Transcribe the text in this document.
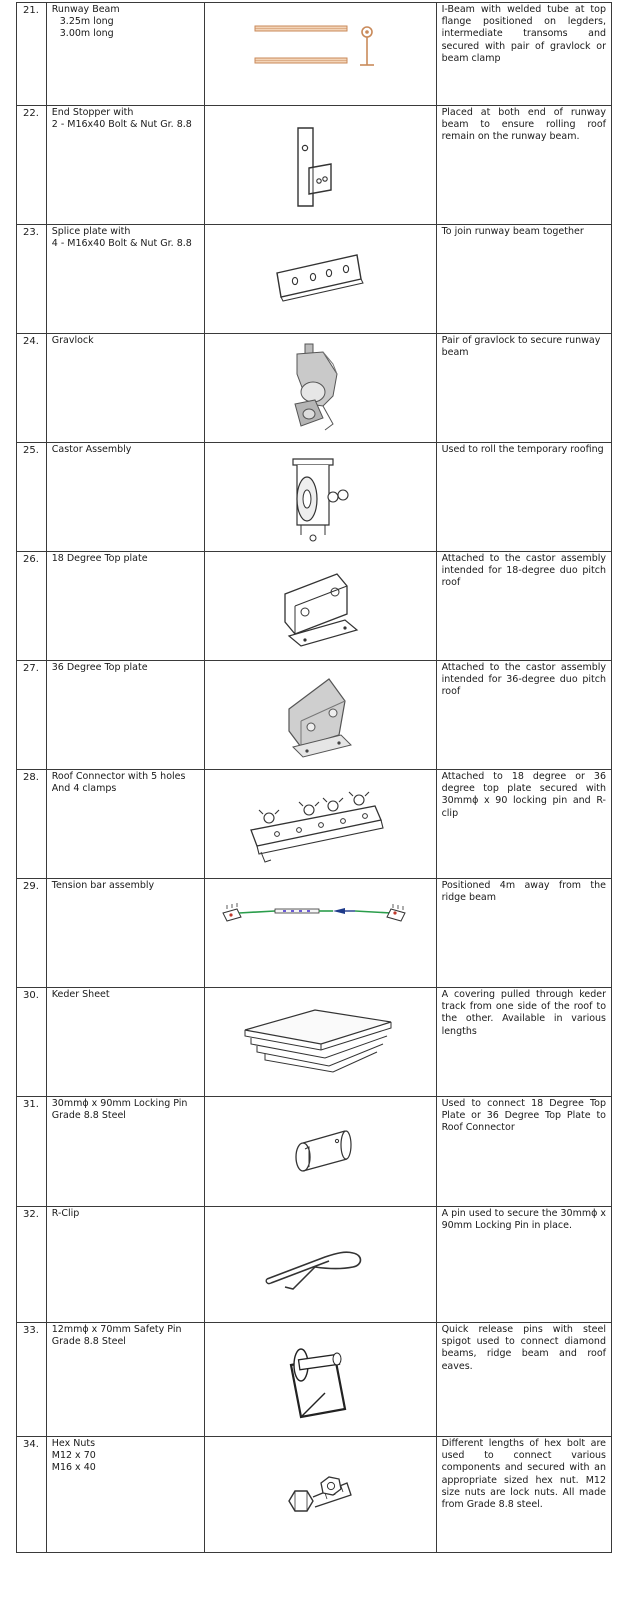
21.	Runway Beam
3.25m long
3.00m long		I-Beam with welded tube at top flange positioned on legders, intermediate transoms and secured with pair of gravlock or beam clamp

22.	End Stopper with
2 - M16x40 Bolt & Nut Gr. 8.8		Placed at both end of runway beam to ensure rolling roof remain on the runway beam.

23.	Splice plate with
4 - M16x40 Bolt & Nut Gr. 8.8		To join runway beam together

24.	Gravlock		Pair of gravlock to secure runway beam

25.	Castor Assembly		Used to roll the temporary roofing

26.	18 Degree Top plate		Attached to the castor assembly intended for 18-degree duo pitch roof

27.	36 Degree Top plate		Attached to the castor assembly intended for 36-degree duo pitch roof

28.	Roof Connector with 5 holes
And 4 clamps		Attached to 18 degree or 36 degree top plate secured with 30mmϕ x 90 locking pin and R-clip

29.	Tension bar assembly		Positioned 4m away from the ridge beam

30.	Keder Sheet		A covering pulled through keder track from one side of the roof to the other. Available in various lengths

31.	30mmϕ x 90mm Locking Pin
Grade 8.8 Steel		Used to connect 18 Degree Top Plate or 36 Degree Top Plate to Roof Connector

32.	R-Clip		A pin used to secure the 30mmϕ x 90mm Locking Pin in place.

33.	12mmϕ x 70mm Safety Pin
Grade 8.8 Steel		Quick release pins with steel spigot used to connect diamond beams, ridge beam and roof eaves.

34.	Hex Nuts
M12 x 70
M16 x 40		Different lengths of hex bolt are used to connect various components and secured with an appropriate sized hex nut. M12 size nuts are lock nuts. All made from Grade 8.8 steel.
